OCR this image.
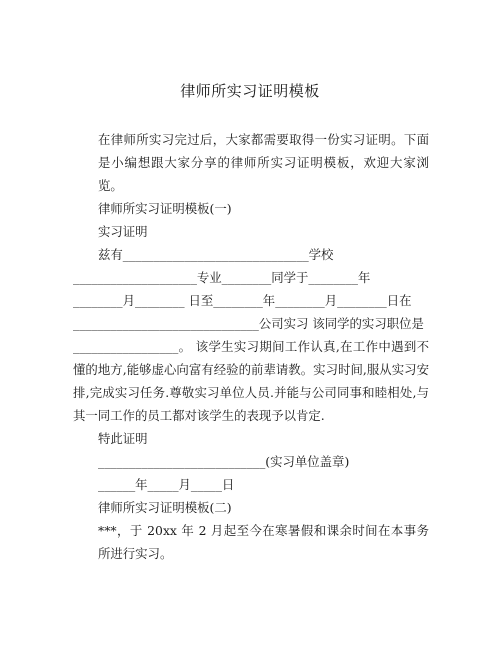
律师所实习证明模板

在律师所实习完过后，大家都需要取得一份实习证明。下面是小编想跟大家分享的律师所实习证明模板，欢迎大家浏览。

律师所实习证明模板(一)

实习证明

兹有______________________________学校

____________________专业________同学于________年

________月________ 日至________年________月________日在

______________________________公司实习 该同学的实习职位是

_________________。 该学生实习期间工作认真,在工作中遇到不懂的地方,能够虚心向富有经验的前辈请教。实习时间,服从实习安排,完成实习任务.尊敬实习单位人员.并能与公司同事和睦相处,与其一同工作的员工都对该学生的表现予以肯定.

特此证明

___________________________(实习单位盖章)

______年_____月_____日

律师所实习证明模板(二)

***，于 20xx 年 2 月起至今在寒暑假和课余时间在本事务所进行实习。
